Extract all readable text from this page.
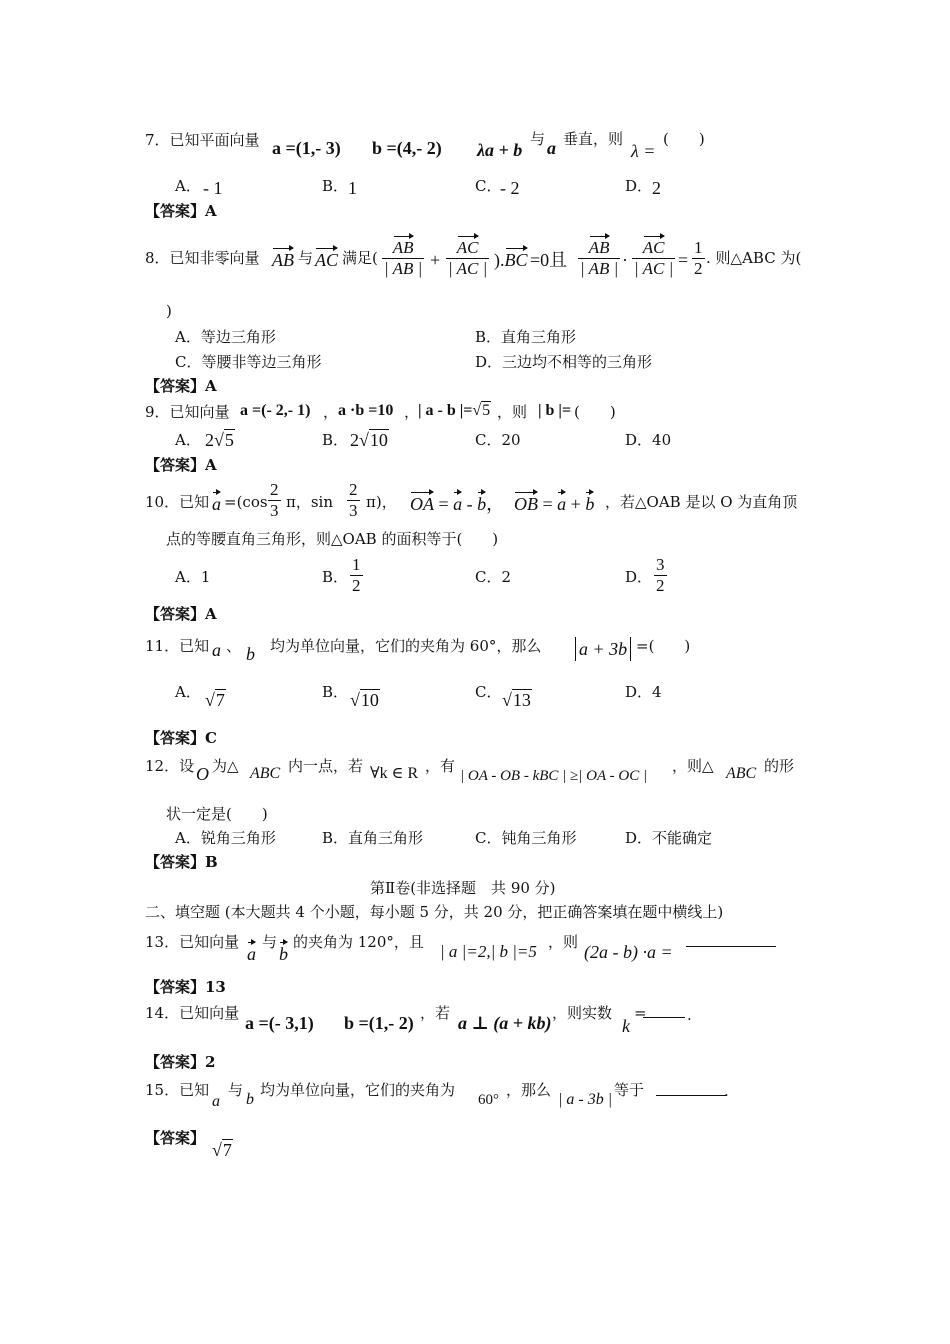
7．已知平面向量 a =(1,- 3) b =(4,- 2) λa + b
与 a 垂直，则
λ =
(　　)
A． - 1	B． 1	C．
- 2	D． 2
【答案】A
8．已知非零向量 AB 与 AC 满足( $\frac{AB}{| AB |} + \frac{AC}{| AC |} ).BC =0$且 $\frac{AB}{| AB |} \cdot \frac{AC}{| AC |} = \frac{1}{2}$ . 则△ABC 为(
)
A．等边三角形	B．直角三角形
C．等腰非等边三角形	D．三边均不相等的三角形
【答案】A
9．已知向量 a =(- 2,- 1) ， a ·b =10 ，
| a - b |=√5 ，则 | b |= (　　)
A． 2√5	B． 2√10	C．20	D．40
【答案】A
10．已知 $a =(\cos \frac{2}{3}$ π，$\sin \frac{2}{3} \pi$)， OA = a - b， OB = a + b ，若△OAB 是以 O 为直角顶
点的等腰直角三角形，则△OAB 的面积等于(　　)
A．1	B． $\frac{1}{2}$	C．2	D． $\frac{3}{2}$
【答案】A
11．已知 a 、 b 均为单位向量，它们的夹角为 60°，那么 a + 3b =(　　)
A． √7	B． √10	C． √13	D．4
【答案】C
12．设 O 为△ ABC 内一点，若 ∀k ∈ R ，有
| OA - OB - kBC | ≥| OA - OC |
，则△ ABC 的形
状一定是(　　)
A．锐角三角形	B．直角三角形	C．钝角三角形	D．不能确定
【答案】B
第Ⅱ卷(非选择题　共 90 分)
二、填空题 (本大题共 4 个小题，每小题 5 分，共 20 分，把正确答案填在题中横线上)
13．已知向量
a
与
b
的夹角为 120°，且 | a |=2,| b |=5 ，则 (2a - b) ·a =
【答案】13
14．已知向量 a =(- 3,1) b =(1,- 2) ，若 a ⊥ (a + kb) ，则实数
k
=	.
【答案】2
15．已知
a
与
b
均为单位向量，它们的夹角为
60°
，那么
| a - 3b |
等于	.
【答案】
√7
